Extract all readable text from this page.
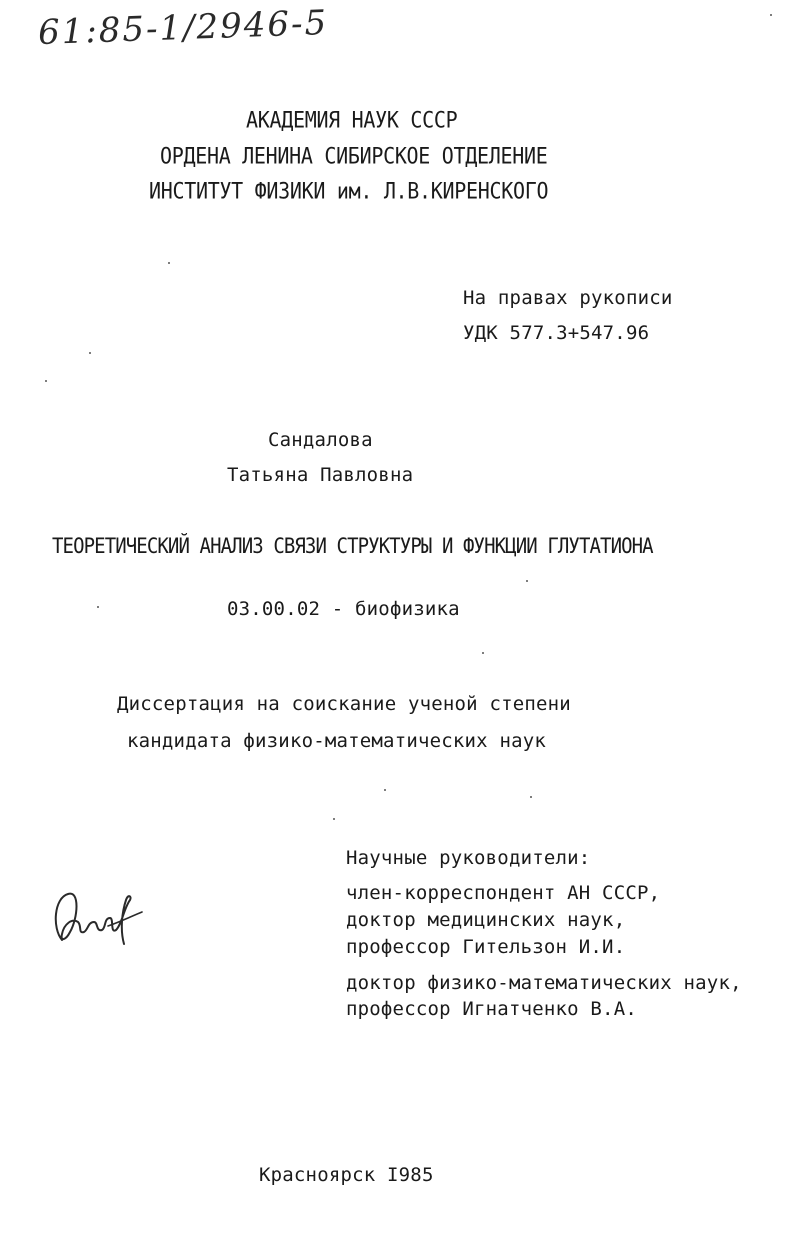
61:85-1/2946-5
АКАДЕМИЯ НАУК СССР
ОРДЕНА ЛЕНИНА СИБИРСКОЕ ОТДЕЛЕНИЕ
ИНСТИТУТ ФИЗИКИ им. Л.В.КИРЕНСКОГО
На правах рукописи
УДК 577.3+547.96
Сандалова
Татьяна Павловна
ТЕОРЕТИЧЕСКИЙ АНАЛИЗ СВЯЗИ СТРУКТУРЫ И ФУНКЦИИ ГЛУТАТИОНА
03.00.02 - биофизика
Диссертация на соискание ученой степени
кандидата физико-математических наук
Научные руководители:
член-корреспондент АН СССР,
доктор медицинских наук,
профессор Гительзон И.И.
доктор физико-математических наук,
профессор Игнатченко В.А.
Красноярск I985
